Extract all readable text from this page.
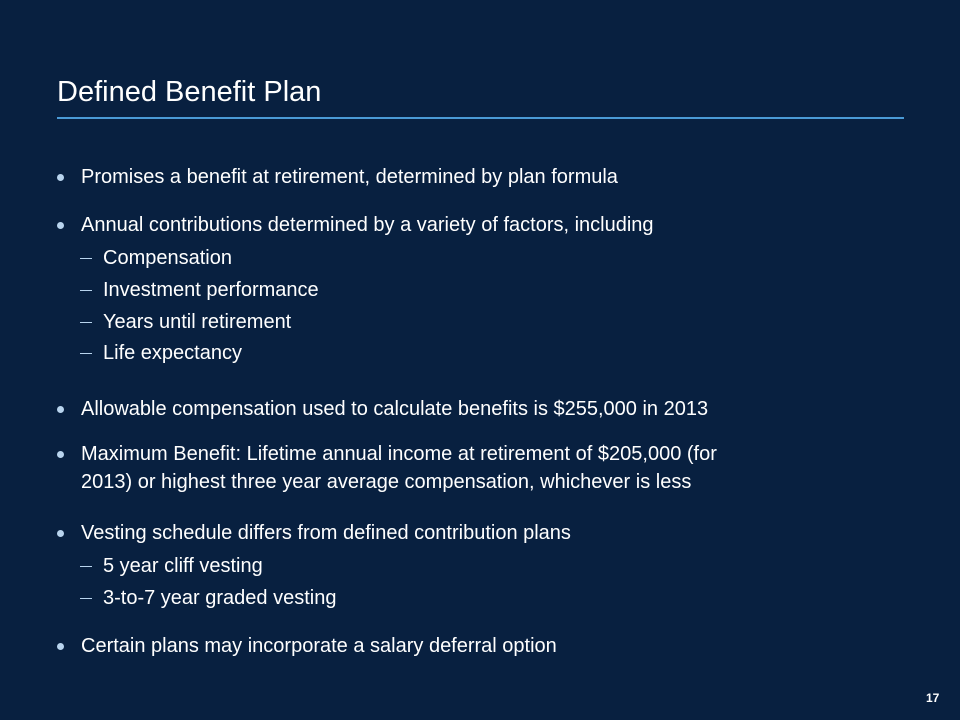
Defined Benefit Plan
Promises a benefit at retirement, determined by plan formula
Annual contributions determined by a variety of factors, including
Compensation
Investment performance
Years until retirement
Life expectancy
Allowable compensation used to calculate benefits is $255,000 in 2013
Maximum Benefit: Lifetime annual income at retirement of $205,000 (for
2013) or highest three year average compensation, whichever is less
Vesting schedule differs from defined contribution plans
5 year cliff vesting
3-to-7 year graded vesting
Certain plans may incorporate a salary deferral option
17
